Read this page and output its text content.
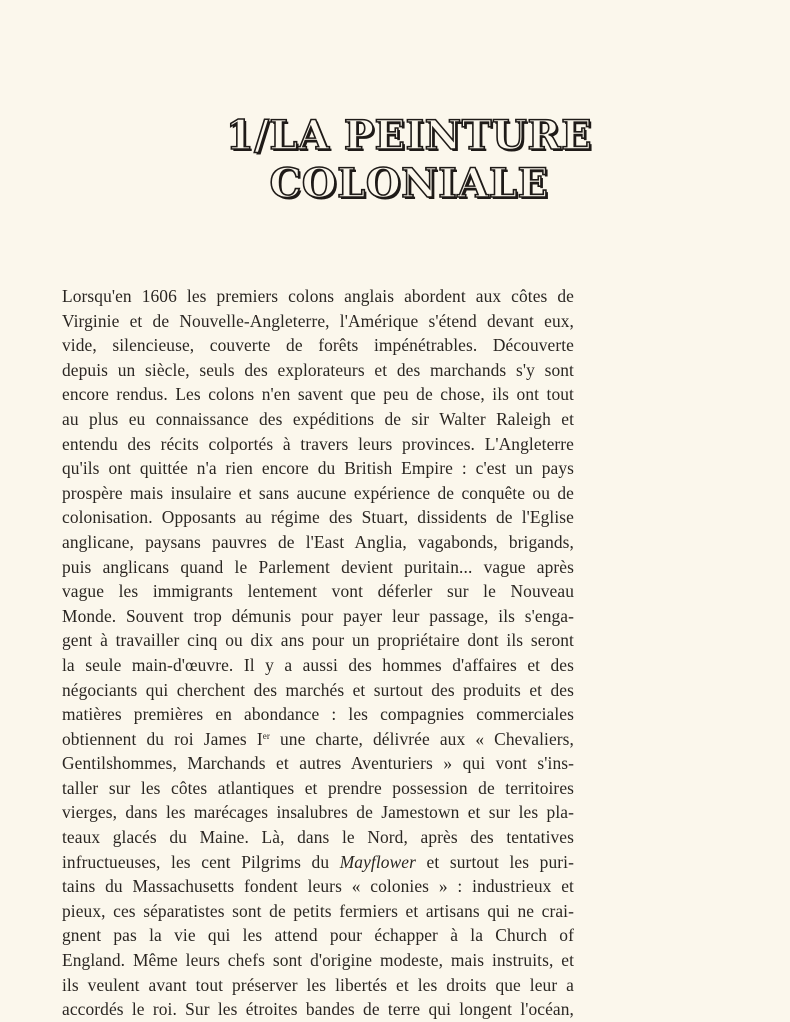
1/LA PEINTURE
COLONIALE
Lorsqu'en 1606 les premiers colons anglais abordent aux côtes de
Virginie et de Nouvelle-Angleterre, l'Amérique s'étend devant eux,
vide, silencieuse, couverte de forêts impénétrables. Découverte
depuis un siècle, seuls des explorateurs et des marchands s'y sont
encore rendus. Les colons n'en savent que peu de chose, ils ont tout
au plus eu connaissance des expéditions de sir Walter Raleigh et
entendu des récits colportés à travers leurs provinces. L'Angleterre
qu'ils ont quittée n'a rien encore du British Empire : c'est un pays
prospère mais insulaire et sans aucune expérience de conquête ou de
colonisation. Opposants au régime des Stuart, dissidents de l'Eglise
anglicane, paysans pauvres de l'East Anglia, vagabonds, brigands,
puis anglicans quand le Parlement devient puritain... vague après
vague les immigrants lentement vont déferler sur le Nouveau
Monde. Souvent trop démunis pour payer leur passage, ils s'enga-
gent à travailler cinq ou dix ans pour un propriétaire dont ils seront
la seule main-d'œuvre. Il y a aussi des hommes d'affaires et des
négociants qui cherchent des marchés et surtout des produits et des
matières premières en abondance : les compagnies commerciales
obtiennent du roi James Ier une charte, délivrée aux « Chevaliers,
Gentilshommes, Marchands et autres Aventuriers » qui vont s'ins-
taller sur les côtes atlantiques et prendre possession de territoires
vierges, dans les marécages insalubres de Jamestown et sur les pla-
teaux glacés du Maine. Là, dans le Nord, après des tentatives
infructueuses, les cent Pilgrims du Mayflower et surtout les puri-
tains du Massachusetts fondent leurs « colonies » : industrieux et
pieux, ces séparatistes sont de petits fermiers et artisans qui ne crai-
gnent pas la vie qui les attend pour échapper à la Church of
England. Même leurs chefs sont d'origine modeste, mais instruits, et
ils veulent avant tout préserver les libertés et les droits que leur a
accordés le roi. Sur les étroites bandes de terre qui longent l'océan,
